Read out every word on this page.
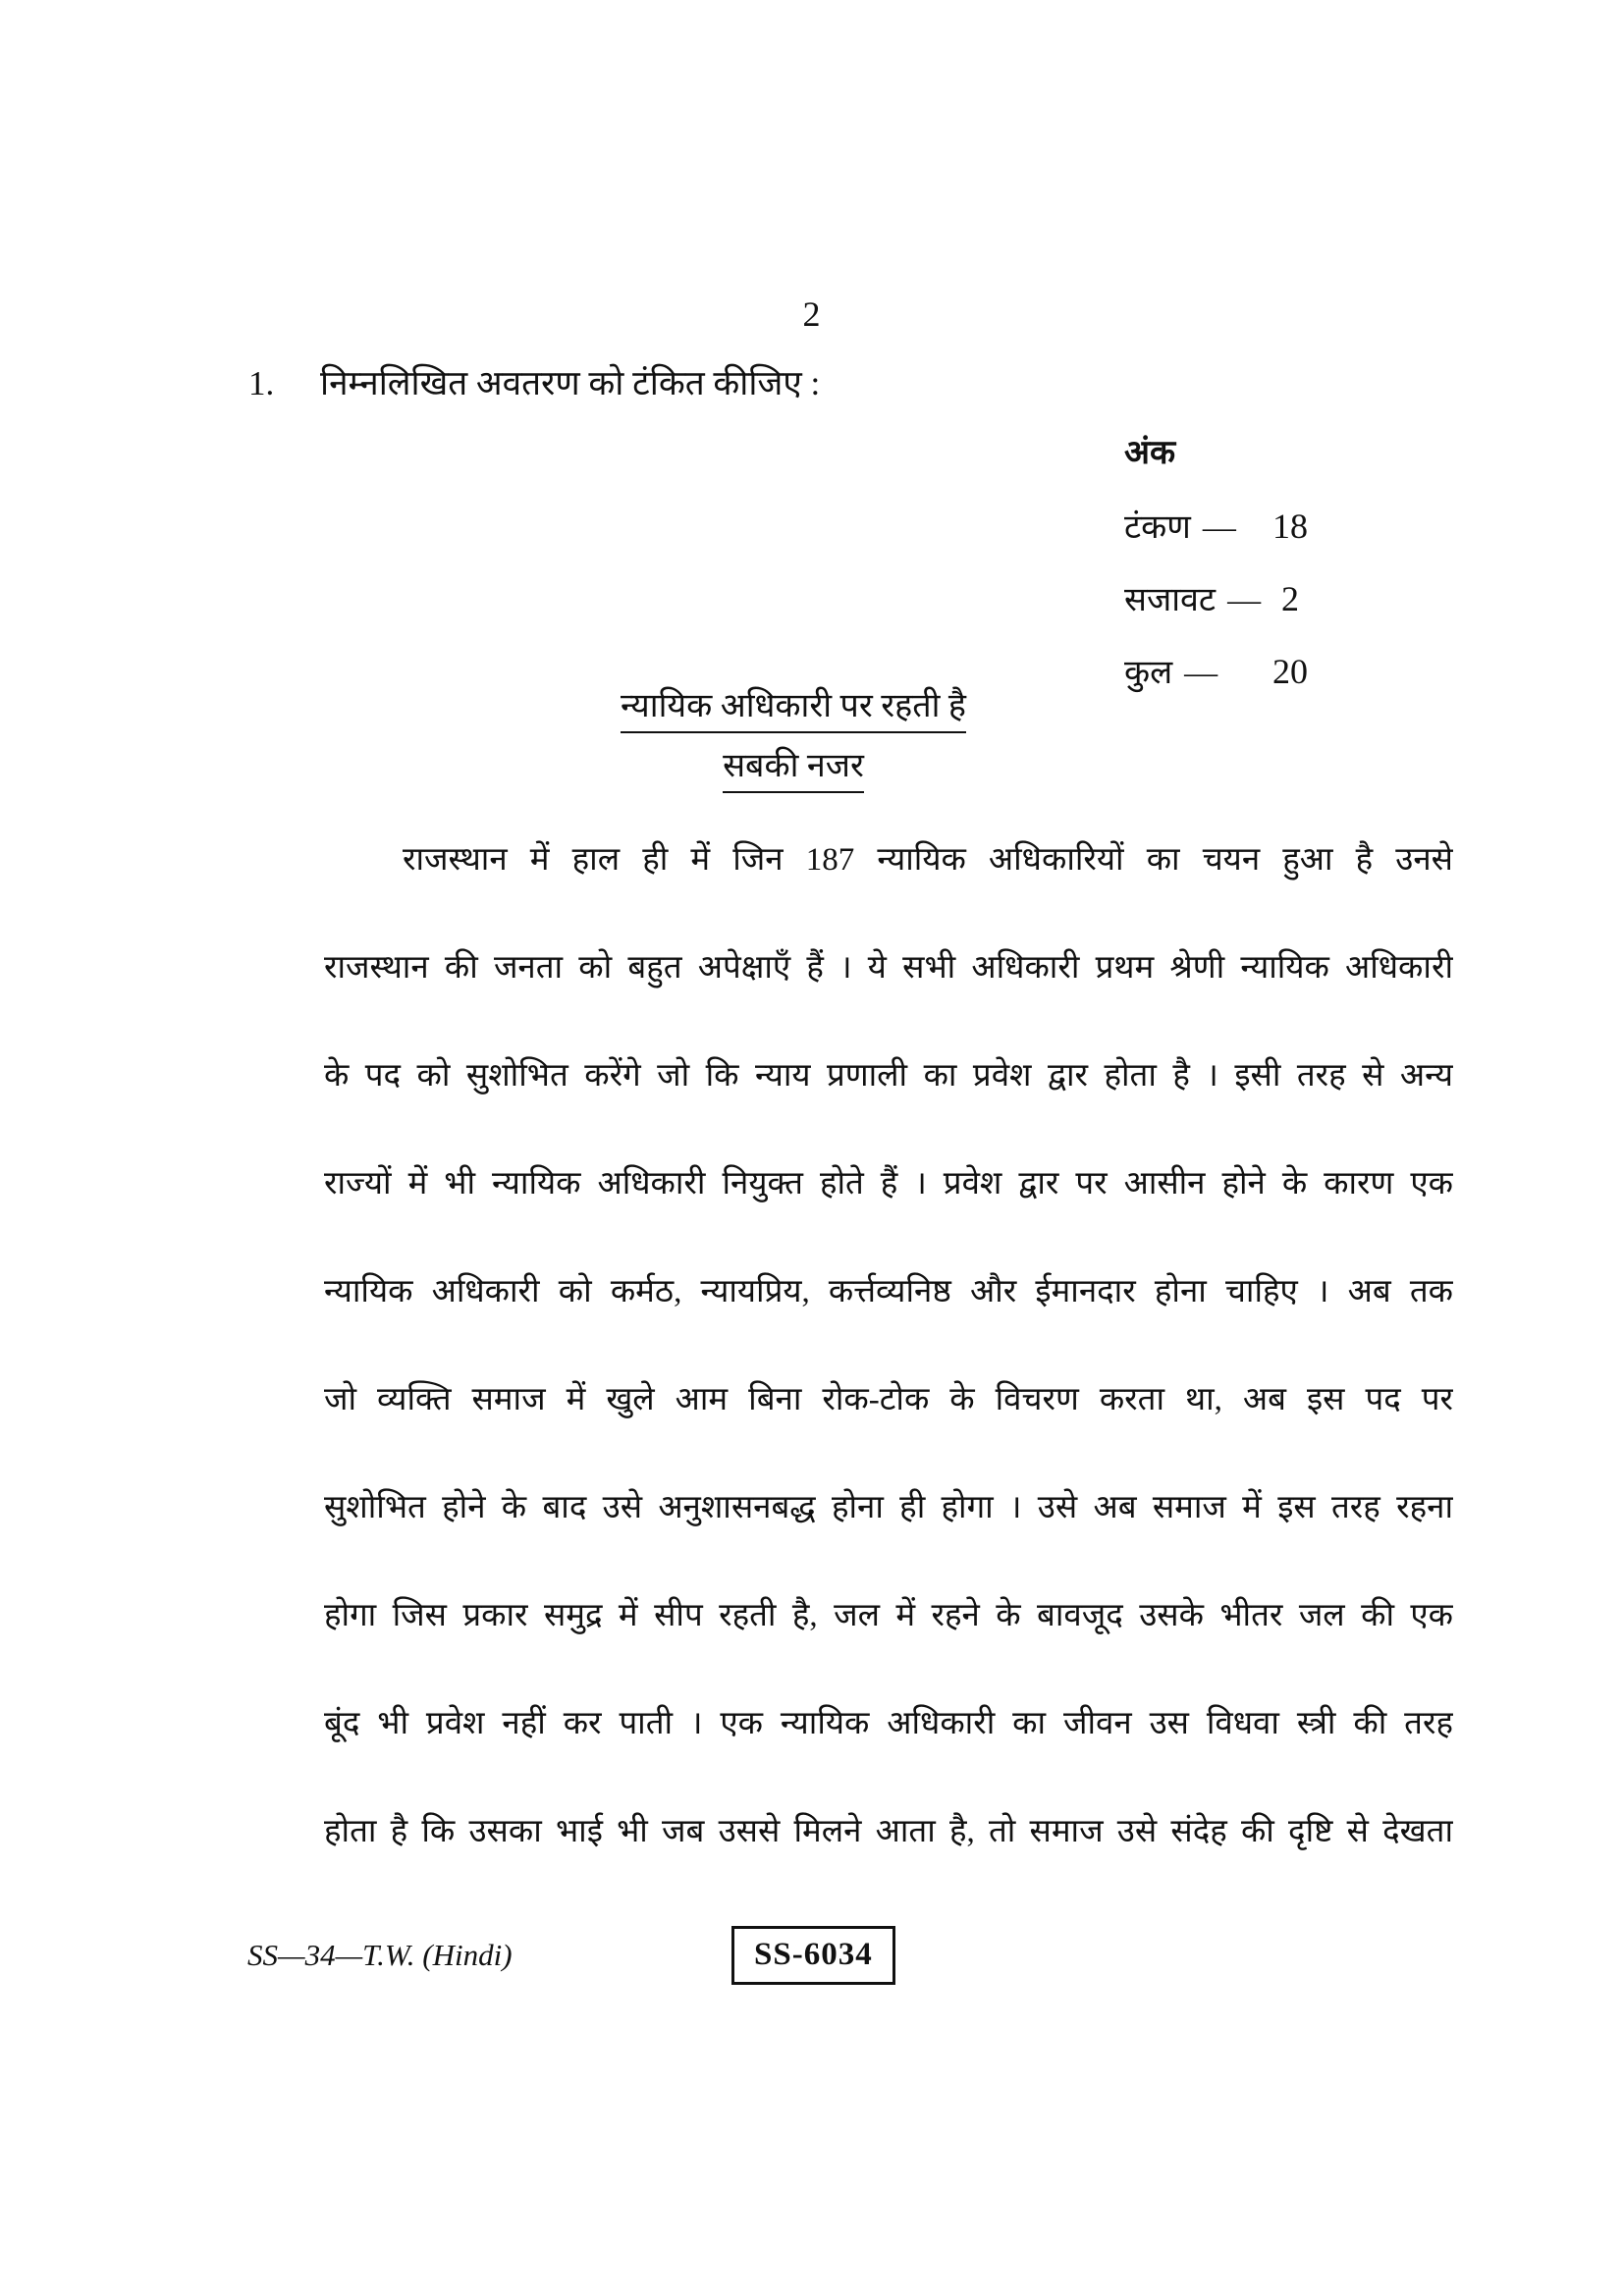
2
1. निम्नलिखित अवतरण को टंकित कीजिए :
अंक
टंकण — 18
सजावट — 2
कुल — 20
न्यायिक अधिकारी पर रहती है
सबकी नजर
राजस्थान में हाल ही में जिन 187 न्यायिक अधिकारियों का चयन हुआ है उनसे
राजस्थान की जनता को बहुत अपेक्षाएँ हैं । ये सभी अधिकारी प्रथम श्रेणी न्यायिक अधिकारी
के पद को सुशोभित करेंगे जो कि न्याय प्रणाली का प्रवेश द्वार होता है । इसी तरह से अन्य
राज्यों में भी न्यायिक अधिकारी नियुक्त होते हैं । प्रवेश द्वार पर आसीन होने के कारण एक
न्यायिक अधिकारी को कर्मठ, न्यायप्रिय, कर्त्तव्यनिष्ठ और ईमानदार होना चाहिए । अब तक
जो व्यक्ति समाज में खुले आम बिना रोक-टोक के विचरण करता था, अब इस पद पर
सुशोभित होने के बाद उसे अनुशासनबद्ध होना ही होगा । उसे अब समाज में इस तरह रहना
होगा जिस प्रकार समुद्र में सीप रहती है, जल में रहने के बावजूद उसके भीतर जल की एक
बूंद भी प्रवेश नहीं कर पाती । एक न्यायिक अधिकारी का जीवन उस विधवा स्त्री की तरह
होता है कि उसका भाई भी जब उससे मिलने आता है, तो समाज उसे संदेह की दृष्टि से देखता
SS—34—T.W. (Hindi)	SS-6034
